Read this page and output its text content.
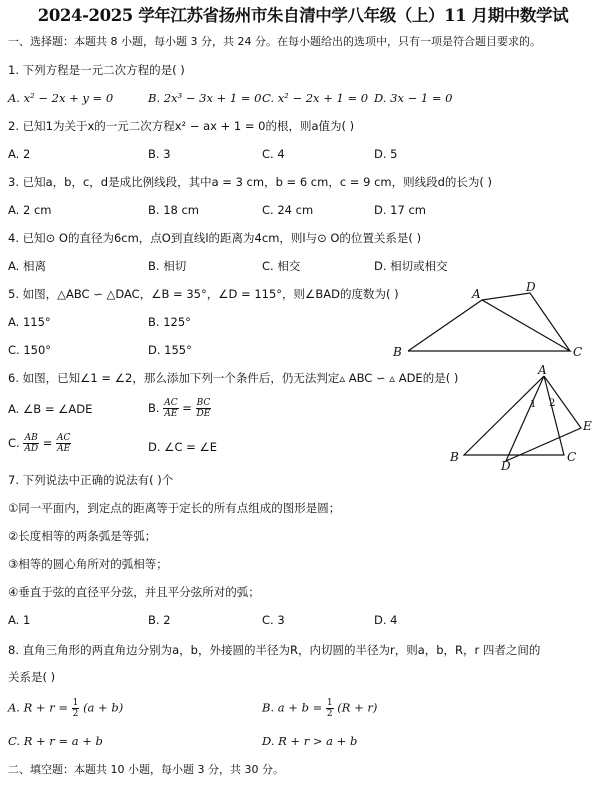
2024-2025 学年江苏省扬州市朱自清中学八年级（上）11 月期中数学试
一、选择题：本题共 8 小题，每小题 3 分，共 24 分。在每小题给出的选项中，只有一项是符合题目要求的。
1. 下列方程是一元二次方程的是( )
A. x² − 2x + y = 0	B. 2x³ − 3x + 1 = 0 C. x² − 2x + 1 = 0 D. 3x − 1 = 0
2. 已知1为关于x的一元二次方程x² − ax + 1 = 0的根，则a值为( )
A. 2	B. 3	C. 4	D. 5
3. 已知a，b，c，d是成比例线段，其中a = 3 cm，b = 6 cm，c = 9 cm，则线段d的长为( )
A. 2 cm	B. 18 cm	C. 24 cm	D. 17 cm
4. 已知⊙ O的直径为6cm，点O到直线l的距离为4cm，则l与⊙ O的位置关系是( )
A. 相离	B. 相切	C. 相交	D. 相切或相交
5. 如图，△ABC ∽ △DAC，∠B = 35°，∠D = 115°，则∠BAD的度数为( )
A. 115°	B. 125°
C. 150°	D. 155°
A	D
B	C
6. 如图，已知∠1 = ∠2，那么添加下列一个条件后，仍无法判定▵ ABC ∽ ▵ ADE的是( )
A. ∠B = ∠ADE	B. $\frac{AC}{AE} = \frac{BC}{DE}$
C. $\frac{AB}{AD} = \frac{AC}{AE}$	D. ∠C = ∠E
A
B	C
D
E
1 2
7. 下列说法中正确的说法有( )个
①同一平面内，到定点的距离等于定长的所有点组成的图形是圆；
②长度相等的两条弧是等弧；
③相等的圆心角所对的弧相等；
④垂直于弦的直径平分弦，并且平分弦所对的弧；
A. 1	B. 2	C. 3	D. 4
8. 直角三角形的两直角边分别为a，b，外接圆的半径为R，内切圆的半径为r，则a，b，R，r 四者之间的
关系是( )
A. $R + r = \frac{1}{2} (a + b)$	B. $a + b = \frac{1}{2} (R + r)$
C. R + r = a + b	D. R + r > a + b
二、填空题：本题共 10 小题，每小题 3 分，共 30 分。
